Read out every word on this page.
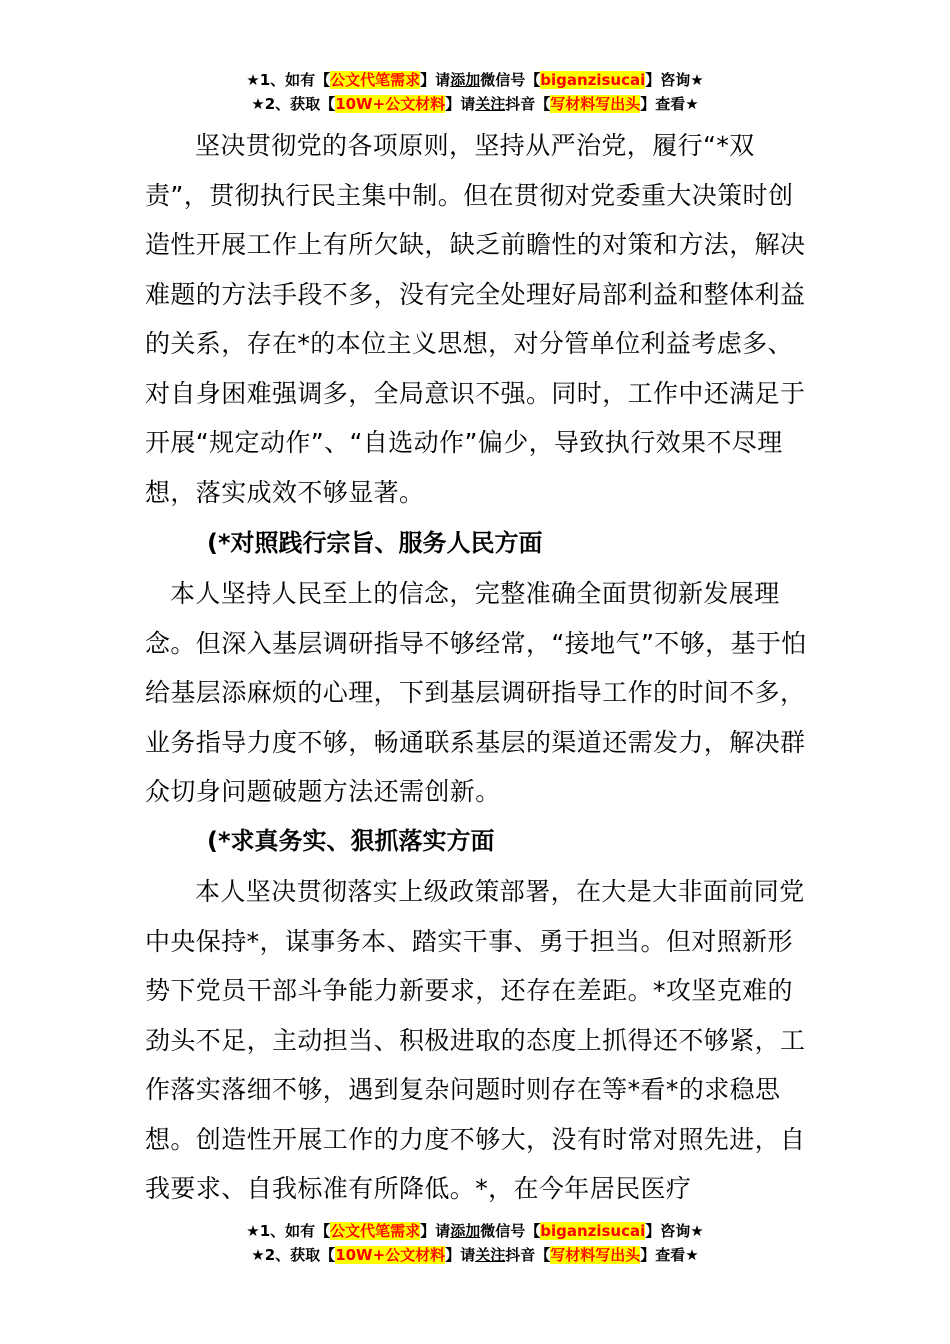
★1、如有【公文代笔需求】请添加微信号【biganzisucai】咨询★
★2、获取【10W+公文材料】请关注抖音【写材料写出头】查看★

坚决贯彻党的各项原则，坚持从严治党，履行“*双责”，贯彻执行民主集中制。但在贯彻对党委重大决策时创造性开展工作上有所欠缺，缺乏前瞻性的对策和方法，解决难题的方法手段不多，没有完全处理好局部利益和整体利益的关系，存在*的本位主义思想，对分管单位利益考虑多、对自身困难强调多，全局意识不强。同时，工作中还满足于开展“规定动作”、“自选动作”偏少，导致执行效果不尽理想，落实成效不够显著。

(*对照践行宗旨、服务人民方面

本人坚持人民至上的信念，完整准确全面贯彻新发展理念。但深入基层调研指导不够经常，“接地气”不够，基于怕给基层添麻烦的心理，下到基层调研指导工作的时间不多，业务指导力度不够，畅通联系基层的渠道还需发力，解决群众切身问题破题方法还需创新。

(*求真务实、狠抓落实方面

本人坚决贯彻落实上级政策部署，在大是大非面前同党中央保持*，谋事务本、踏实干事、勇于担当。但对照新形势下党员干部斗争能力新要求，还存在差距。*攻坚克难的劲头不足，主动担当、积极进取的态度上抓得还不够紧，工作落实落细不够，遇到复杂问题时则存在等*看*的求稳思想。创造性开展工作的力度不够大，没有时常对照先进，自我要求、自我标准有所降低。*，在今年居民医疗

★1、如有【公文代笔需求】请添加微信号【biganzisucai】咨询★
★2、获取【10W+公文材料】请关注抖音【写材料写出头】查看★
